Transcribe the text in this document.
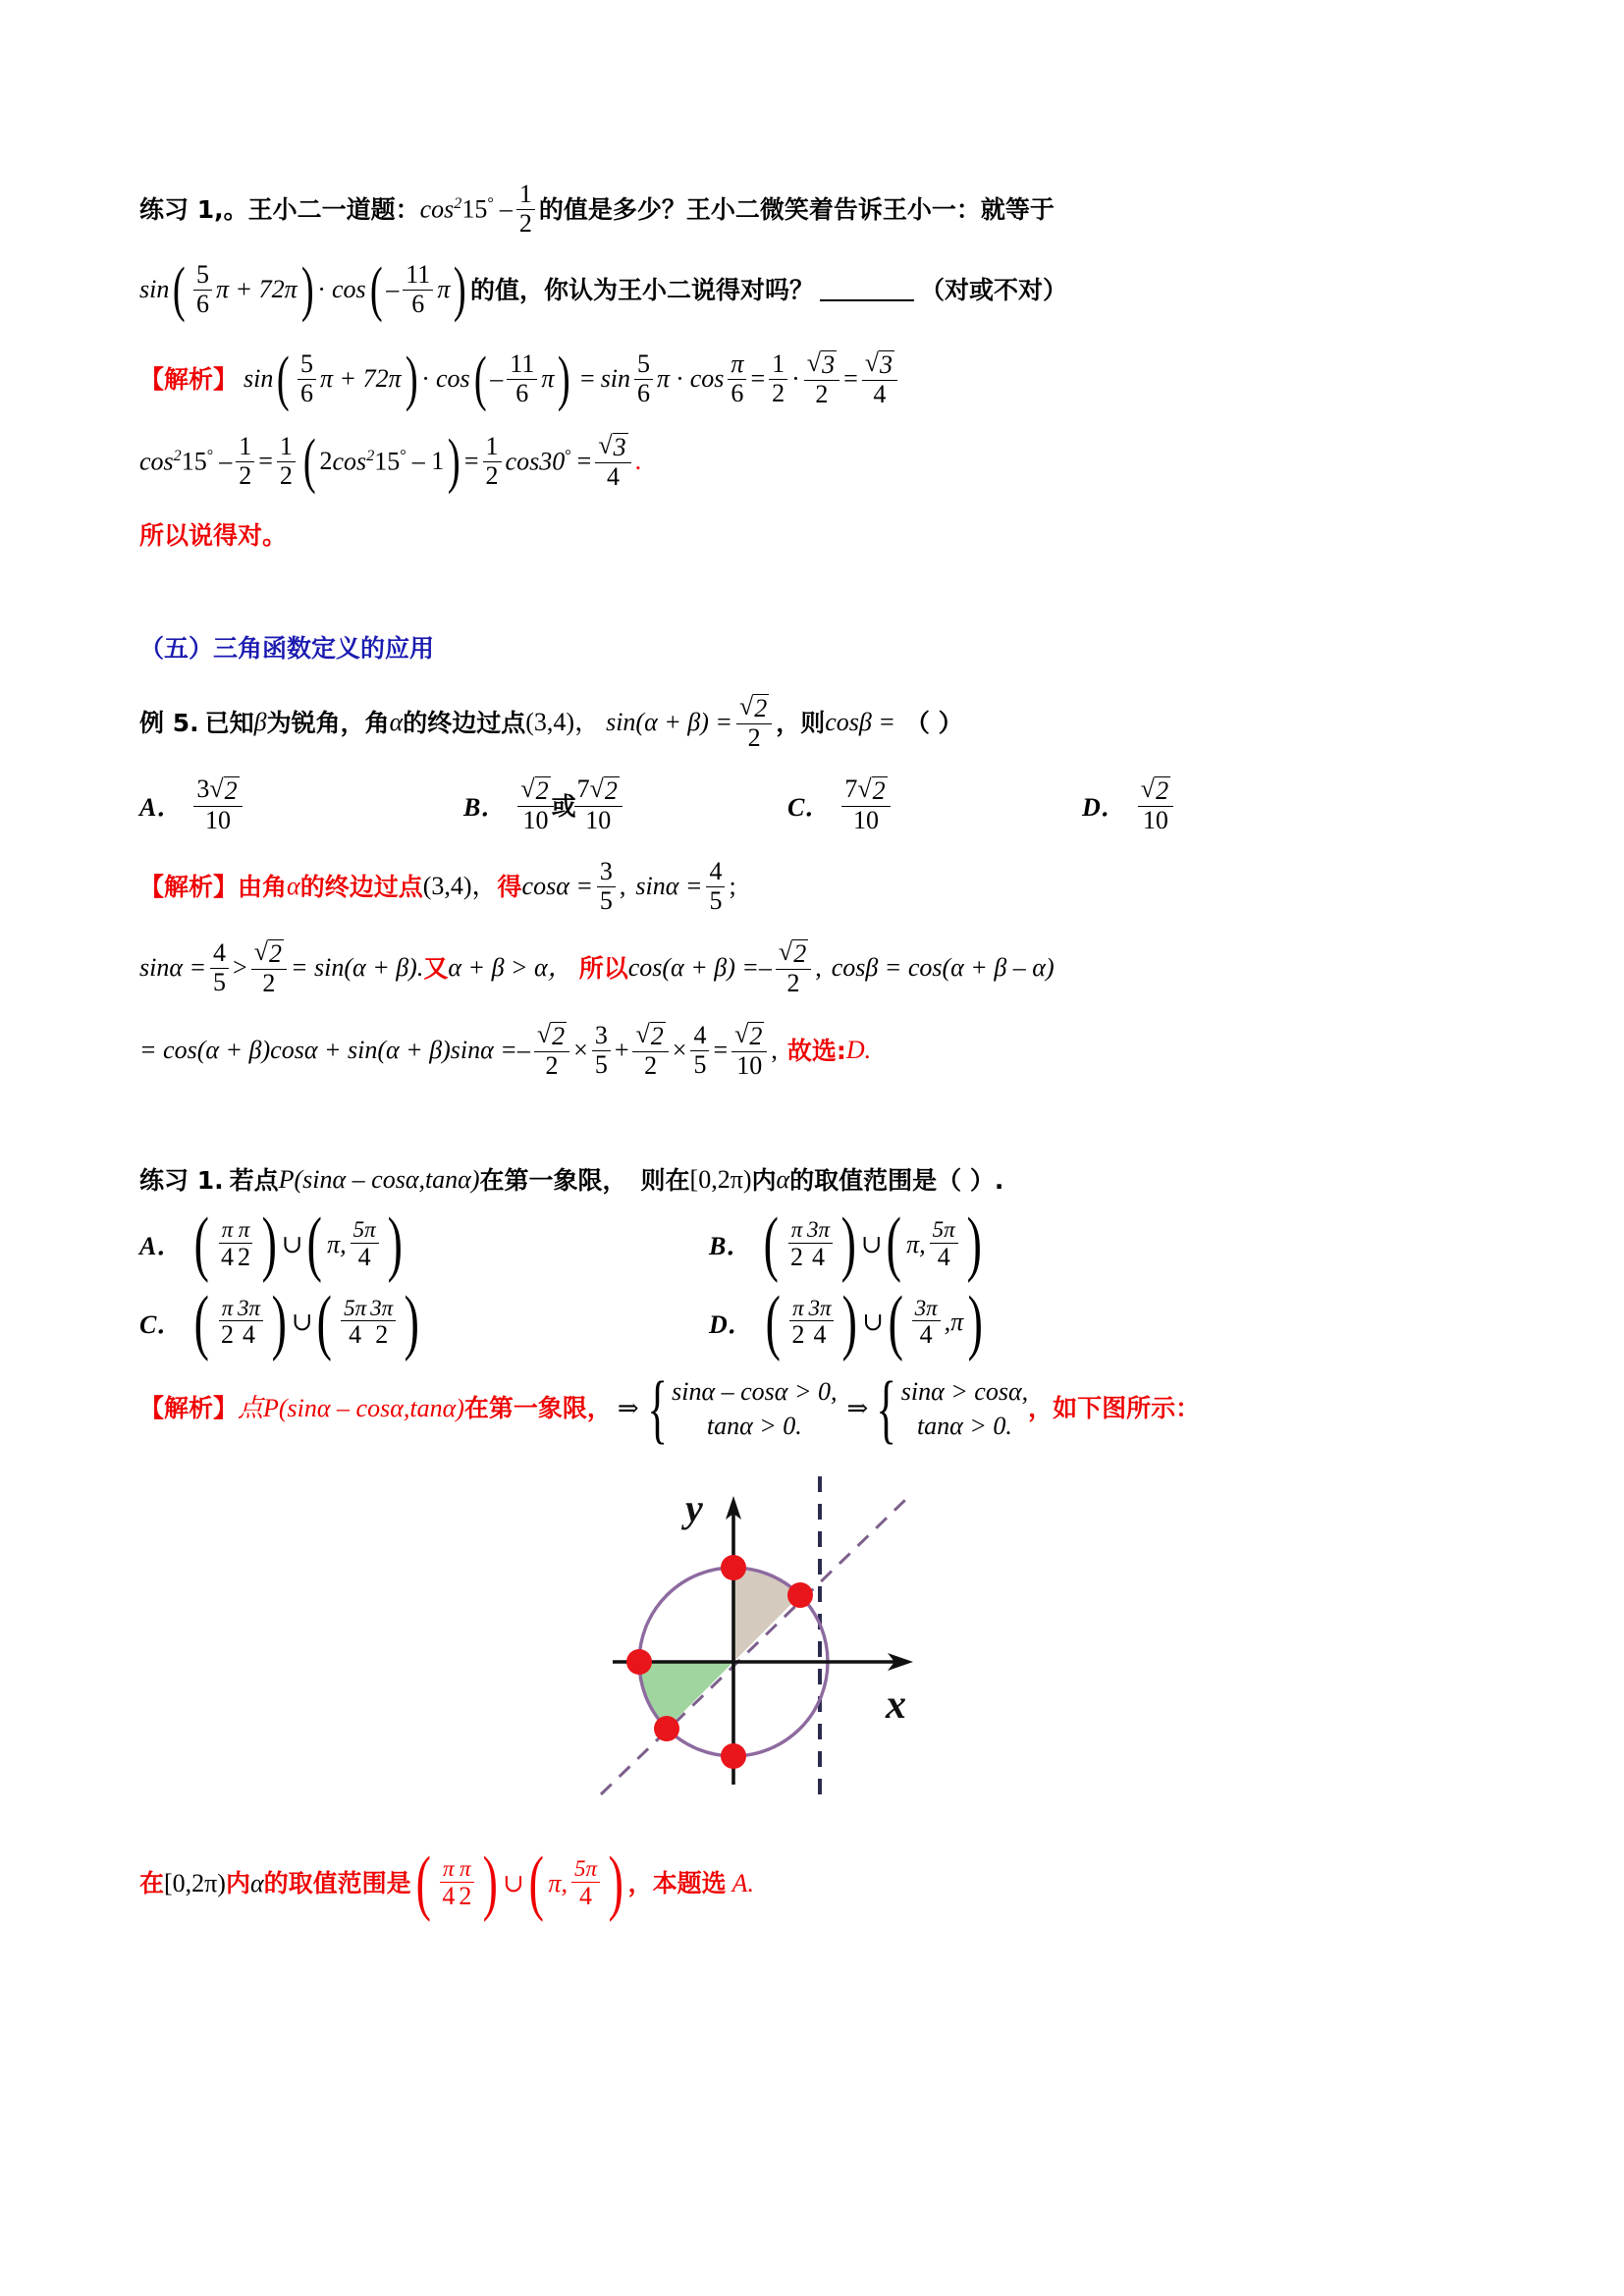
练习 1,。 王小二一道题： $\cos^215^\circ - \frac{1}{2}$ 的值是多少？王小二微笑着告诉王小一：就等于
sin ( $\frac{5}{6}$ π + 72π ) · cos ( – $\frac{11}{6}$ π ) 的值，你认为王小二说得对吗？	（对或不对）
【解析】 sin ( $\frac{5}{6}$ π + 72π ) · cos ( – $\frac{11}{6}$ π ) = $\sin \frac{5}{6}$ $\pi \cdot \cos \frac{\pi}{6} = \frac{1}{2} \cdot \frac{√ 3}{2} = \frac{√ 3}{4}$
$\cos^215^\circ - \frac{1}{2} = \frac{1}{2}$ ( 2 $\cos^215^\circ - 1$ ) = $\frac{1}{2} \cos 30^\circ = \frac{√ 3}{4}$ .
所以说得对。
（五）三角函数定义的应用
例 5. 已知 β 为锐角，角 α 的终边过点 (3,4)， $\sin(\alpha + \beta) = \frac{√ 2}{2}$ ， 则 cosβ = （ ）
A． $\frac{3 √ 2}{10}$	B． $\frac{√ 2}{10}$
或
$\frac{7 √ 2}{10}$	C． $\frac{7 √ 2}{10}$	D． $\frac{√ 2}{10}$
【解析】 由角 α 的终边过点 (3,4)， 得 $\cos\alpha = \frac{3}{5}$ , $\sin\alpha = \frac{4}{5}$ ;
$\sin\alpha = \frac{4}{5} > \frac{√ 2}{2} = \sin(\alpha + \beta)$. 又 α + β > α， 所以 $\cos(\alpha + \beta) =- \frac{√ 2}{2}$ , cosβ = cos(α + β – α)
= $\cos(\alpha + \beta)\cos\alpha + \sin(\alpha + \beta)\sin\alpha =- \frac{√ 2}{2} \times \frac{3}{5} + \frac{√ 2}{2} \times \frac{4}{5} = \frac{√ 2}{10}$ , 故选: D.
练习 1. 若点 P(sinα – cosα,tanα) 在第一象限， 则在 [0,2π) 内 α 的取值范围是（ ）.
A． ( $\frac{\pi}{4}$
$\frac{\pi}{2}$ ) ∪ ( π, $\frac{5\pi}{4}$ )	B． ( $\frac{\pi}{2}$
$\frac{3\pi}{4}$ ) ∪ ( π, $\frac{5\pi}{4}$ )
C． ( $\frac{\pi}{2}$
$\frac{3\pi}{4}$ ) ∪ ( $\frac{5\pi}{4}$
$\frac{3\pi}{2}$ )	D． ( $\frac{\pi}{2}$
$\frac{3\pi}{4}$ ) ∪ ( $\frac{3\pi}{4} ,\pi$ )
【解析】 点P(sinα – cosα,tanα) 在第一象限， ⇒ { sinα – cosα > 0,
tanα > 0.
⇒ { sinα > cosα,
tanα > 0.
，如下图所示：
y
x
在 [0,2π) 内 α 的取值范围是 ( $\frac{\pi}{4}$
$\frac{\pi}{2}$ ) ∪ ( π, $\frac{5\pi}{4}$ ) ， 本题选 A.
